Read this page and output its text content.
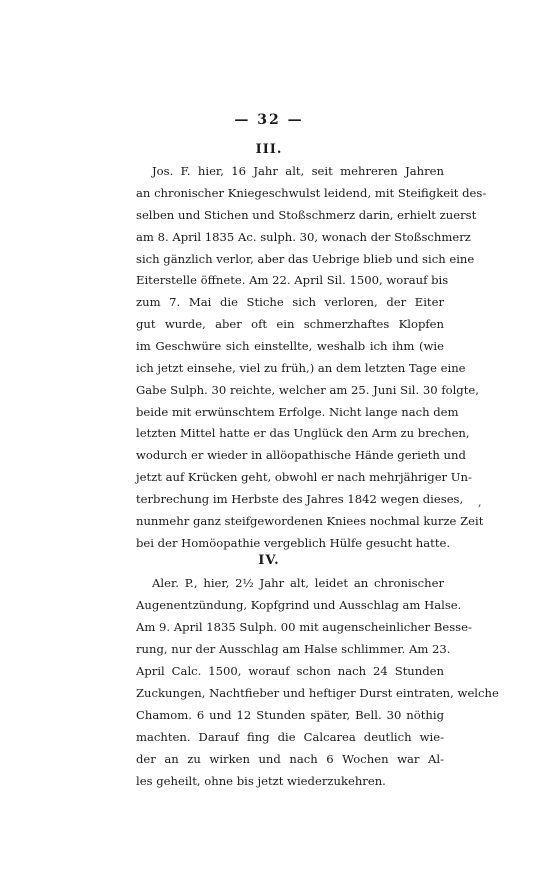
— 32 —
III.
Jos. F. hier, 16 Jahr alt, seit mehreren Jahren
an chronischer Kniegeschwulst leidend, mit Steifigkeit des-
selben und Stichen und Stoßschmerz darin, erhielt zuerst
am 8. April 1835 Ac. sulph. 30, wonach der Stoßschmerz
sich gänzlich verlor, aber das Uebrige blieb und sich eine
Eiterstelle öffnete. Am 22. April Sil. 1500, worauf bis
zum 7. Mai die Stiche sich verloren, der Eiter
gut wurde, aber oft ein schmerzhaftes Klopfen
im Geschwüre sich einstellte, weshalb ich ihm (wie
ich jetzt einsehe, viel zu früh,) an dem letzten Tage eine
Gabe Sulph. 30 reichte, welcher am 25. Juni Sil. 30 folgte,
beide mit erwünschtem Erfolge. Nicht lange nach dem
letzten Mittel hatte er das Unglück den Arm zu brechen,
wodurch er wieder in allöopathische Hände gerieth und
jetzt auf Krücken geht, obwohl er nach mehrjähriger Un-
terbrechung im Herbste des Jahres 1842 wegen dieses,
nunmehr ganz steifgewordenen Kniees nochmal kurze Zeit
bei der Homöopathie vergeblich Hülfe gesucht hatte.
,
IV.
Aler. P., hier, 2½ Jahr alt, leidet an chronischer
Augenentzündung, Kopfgrind und Ausschlag am Halse.
Am 9. April 1835 Sulph. 00 mit augenscheinlicher Besse-
rung, nur der Ausschlag am Halse schlimmer. Am 23.
April Calc. 1500, worauf schon nach 24 Stunden
Zuckungen, Nachtfieber und heftiger Durst eintraten, welche
Chamom. 6 und 12 Stunden später, Bell. 30 nöthig
machten. Darauf fing die Calcarea deutlich wie-
der an zu wirken und nach 6 Wochen war Al-
les geheilt, ohne bis jetzt wiederzukehren.
